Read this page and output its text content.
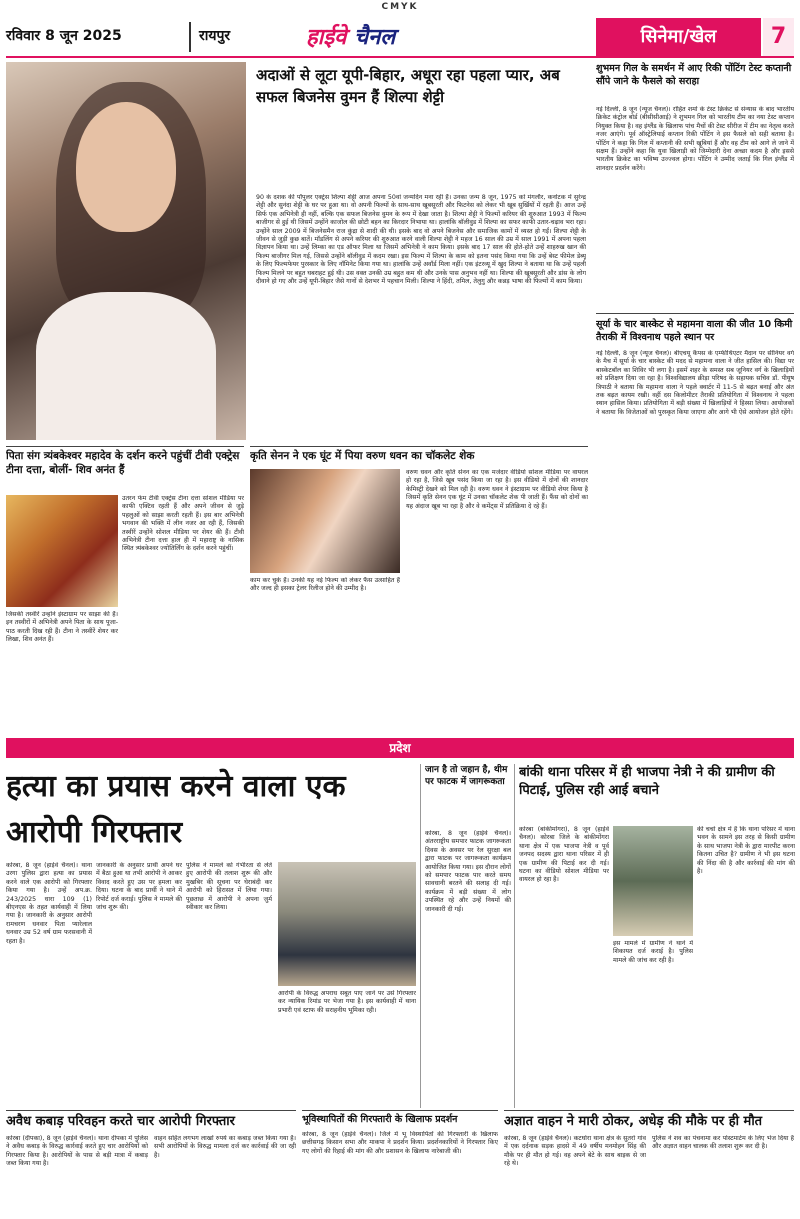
CMYK
रविवार 8 जून 2025	रायपुर	हाईवे चैनल	सिनेमा/खेल	7
अदाओं से लूटा यूपी-बिहार, अधूरा रहा पहला प्यार, अब सफल बिजनेस वुमन हैं शिल्पा शेट्टी
90 के दशक की पॉपुलर एक्ट्रेस शिल्पा शेट्टी आज अपना 50वां जन्मदिन मना रही हैं। उनका जन्म 8 जून, 1975 को मंगलौर, कर्नाटक में सुरेन्द्र शेट्टी और सुनंदा शेट्टी के घर पर हुआ था। वो अपनी फिल्मों के साथ-साथ खूबसूरती और फिटनेस को लेकर भी खूब सुर्खियों में रहती हैं। आज उन्हें सिर्फ एक अभिनेत्री ही नहीं, बल्कि एक सफल बिजनेस वुमन के रूप में देखा जाता है। शिल्पा शेट्टी ने फिल्मों करियर की शुरुआत 1993 में फिल्म बाजीगर से हुई थी जिसमें उन्होंने काजोल की छोटी बहन का किरदार निभाया था। हालांकि बॉलीवुड में शिल्पा का सफर काफी उतार-चढ़ाव भरा रहा। उन्होंने साल 2009 में बिजनेसमैन राज कुंद्रा से शादी की थी। इसके बाद वो अपने बिजनेस और समाजिक कामों में व्यस्त हो गईं। शिल्पा शेट्टी के जीवन से जुड़ी कुछ बातें। मॉडलिंग से अपने करियर की शुरुआत करने वाली शिल्पा शेट्टी ने महज 16 साल की उम्र में साल 1991 में अपना पहला विज्ञापन किया था। उन्हें लिम्का का एड ऑफर मिला था जिसमें अभिनेत्री ने काम किया। इसके बाद 17 साल की होते-होते उन्हें शाहरुख खान की फिल्म बाजीगर मिल गई, जिससे उन्होंने बॉलीवुड में कदम रखा। इस फिल्म में शिल्पा के काम को इतना पसंद किया गया कि उन्हें बेस्ट फीमेल डेब्यू के लिए फिल्मफेयर पुरस्कार के लिए नॉमिनेट किया गया था। हालांकि उन्हें अवॉर्ड मिला नहीं। एक इंटरव्यू में खुद शिल्पा ने बताया था कि उन्हें पहली फिल्म मिलने पर बहुत घबराहट हुई थी। उस वक्त उनकी उम्र बहुत कम थी और उनके पास अनुभव नहीं था। शिल्पा की खूबसूरती और डांस के लोग दीवाने हो गए और उन्हें यूपी-बिहार जैसे गानों से देशभर में पहचान मिली। शिल्पा ने हिंदी, तमिल, तेलुगु और कन्नड़ भाषा की फिल्मों में काम किया।
शुभमन गिल के समर्थन में आए रिकी पोंटिंग टेस्ट कप्तानी सौंपे जाने के फैसले को सराहा
नई दिल्ली, 8 जून (न्यूज चैनल)। रोहित शर्मा के टेस्ट क्रिकेट से संन्यास के बाद भारतीय क्रिकेट कंट्रोल बोर्ड (बीसीसीआई) ने शुभमन गिल को भारतीय टीम का नया टेस्ट कप्तान नियुक्त किया है। वह इंग्लैंड के खिलाफ पांच मैचों की टेस्ट सीरीज में टीम का नेतृत्व करते नजर आएंगे। पूर्व ऑस्ट्रेलियाई कप्तान रिकी पोंटिंग ने इस फैसले को सही बताया है। पोंटिंग ने कहा कि गिल में कप्तानी की सभी खूबियां हैं और वह टीम को आगे ले जाने में सक्षम हैं। उन्होंने कहा कि युवा खिलाड़ी को जिम्मेदारी देना अच्छा कदम है और इससे भारतीय क्रिकेट का भविष्य उज्ज्वल होगा। पोंटिंग ने उम्मीद जताई कि गिल इंग्लैंड में शानदार प्रदर्शन करेंगे।
सूर्या के चार बास्केट से महामना वाला की जीत 10 किमी तैराकी में विश्वनाथ पहले स्थान पर
नई दिल्ली, 8 जून (न्यूज चैनल)। बीएचयू कैंपस के एम्फीथिएटर मैदान पर सीनियर वर्ग के मैच में सूर्या के चार बास्केट की मदद से महामना वाला ने जीत हासिल की। विद्या पर बास्केटबॉल का शिविर भी लगा है। इसमें शहर के समस्त सब जूनियर वर्ग के खिलाड़ियों को प्रशिक्षण दिया जा रहा है। विश्वविद्यालय क्रीड़ा परिषद के सहायक सचिव डॉ. पीयूष त्रिपाठी ने बताया कि महामना वाला ने पहले क्वार्टर में 11-5 से बढ़त बनाई और अंत तक बढ़त कायम रखी। वहीं दस किलोमीटर तैराकी प्रतियोगिता में विश्वनाथ ने पहला स्थान हासिल किया। प्रतियोगिता में बड़ी संख्या में खिलाड़ियों ने हिस्सा लिया। आयोजकों ने बताया कि विजेताओं को पुरस्कृत किया जाएगा और आगे भी ऐसे आयोजन होते रहेंगे।
पिता संग त्र्यंबकेश्वर महादेव के दर्शन करने पहुंचीं टीवी एक्ट्रेस टीना दत्ता, बोलीं- शिव अनंत हैं
उतरन फेम टीवी एक्ट्रेस टीना दत्ता सोशल मीडिया पर काफी एक्टिव रहती हैं और अपने जीवन से जुड़े पहलुओं को साझा करती रहती हैं। इस बार अभिनेत्री भगवान की भक्ति में लीन नजर आ रही हैं, जिसकी तस्वीरें उन्होंने सोशल मीडिया पर शेयर की हैं। टीवी अभिनेत्री टीना दत्ता हाल ही में महाराष्ट्र के नासिक स्थित त्र्यंबकेश्वर ज्योतिर्लिंग के दर्शन करने पहुंचीं।
जिसकी तस्वीरें उन्होंने इंस्टाग्राम पर साझा की हैं। इन तस्वीरों में अभिनेत्री अपने पिता के साथ पूजा-पाठ करती दिख रही हैं। टीना ने तस्वीरें शेयर कर लिखा, शिव अनंत हैं।
कृति सेनन ने एक घूंट में पिया वरुण धवन का चॉकलेट शेक
वरुण धवन और कृति सेनन का एक मजेदार वीडियो सोशल मीडिया पर वायरल हो रहा है, जिसे खूब पसंद किया जा रहा है। इस वीडियो में दोनों की शानदार केमिस्ट्री देखने को मिल रही है। वरुण धवन ने इंस्टाग्राम पर वीडियो शेयर किया है जिसमें कृति सेनन एक घूंट में उनका चॉकलेट शेक पी जाती हैं। फैंस को दोनों का यह अंदाज खूब भा रहा है और वे कमेंट्स में प्रतिक्रिया दे रहे हैं।
काम कर चुके हैं। उनकी यह नई फिल्म को लेकर फैंस उत्साहित हैं और जल्द ही इसका ट्रेलर रिलीज होने की उम्मीद है।
प्रदेश
हत्या का प्रयास करने वाला एक आरोपी गिरफ्तार
कोरबा, 8 जून (हाईवे चैनल)। थाना उरगा पुलिस द्वारा हत्या का प्रयास करने वाले एक आरोपी को गिरफ्तार किया गया है। उन्हें अप.क्र. 243/2025 धारा 109 (1) बीएनएस के तहत कार्यवाही में लिया गया है। जानकारी के अनुसार आरोपी रामचरण धनवार पिता प्यारेलाल धनवार उम्र 52 वर्ष ग्राम फरसवानी में रहता है।
जानकारी के अनुसार प्रार्थी अपने घर में बैठा हुआ था तभी आरोपी ने आकर विवाद करते हुए उस पर हमला कर दिया। घटना के बाद प्रार्थी ने थाने में रिपोर्ट दर्ज कराई। पुलिस ने मामले की जांच शुरू की।
पुलिस ने मामले को गंभीरता से लेते हुए आरोपी की तलाश शुरू की और मुखबिर की सूचना पर घेराबंदी कर आरोपी को हिरासत में लिया गया। पूछताछ में आरोपी ने अपना जुर्म स्वीकार कर लिया।
आरोपी के विरुद्ध अपराध सबूत पाए जाने पर उसे गिरफ्तार कर न्यायिक रिमांड पर भेजा गया है। इस कार्यवाही में थाना प्रभारी एवं स्टाफ की सराहनीय भूमिका रही।
जान है तो जहान है, थीम पर फाटक में जागरूकता
कोरबा, 8 जून (हाईवे चैनल)। अंतरराष्ट्रीय समपार फाटक जागरूकता दिवस के अवसर पर रेल सुरक्षा बल द्वारा फाटक पर जागरूकता कार्यक्रम आयोजित किया गया। इस दौरान लोगों को समपार फाटक पार करते समय सावधानी बरतने की सलाह दी गई। कार्यक्रम में बड़ी संख्या में लोग उपस्थित रहे और उन्हें नियमों की जानकारी दी गई।
बांकी थाना परिसर में ही भाजपा नेत्री ने की ग्रामीण की पिटाई, पुलिस रही आई बचाने
कोरबा (बांकीमोंगरा), 8 जून (हाईवे चैनल)। कोरबा जिले के बांकीमोंगरा थाना क्षेत्र में एक भाजपा नेत्री व पूर्व जनपद सदस्य द्वारा थाना परिसर में ही एक ग्रामीण की पिटाई कर दी गई। घटना का वीडियो सोशल मीडिया पर वायरल हो रहा है।
इस मामले में ग्रामीण ने थाने में शिकायत दर्ज कराई है। पुलिस मामले की जांच कर रही है।
की चर्चा क्षेत्र में है कि थाना परिसर में थाना भवन के सामने इस तरह से किसी ग्रामीण के साथ भाजपा नेत्री के द्वारा मारपीट करना कितना उचित है? ग्रामीण ने भी इस घटना की निंदा की है और कार्रवाई की मांग की है।
अवैध कबाड़ परिवहन करते चार आरोपी गिरफ्तार
कोरबा (दीपका), 8 जून (हाईवे चैनल)। थाना दीपका में पुलिस ने अवैध कबाड़ के विरुद्ध कार्रवाई करते हुए चार आरोपियों को गिरफ्तार किया है। आरोपियों के पास से बड़ी मात्रा में कबाड़ जब्त किया गया है।
वाहन सहित लगभग लाखों रुपये का कबाड़ जब्त किया गया है। सभी आरोपियों के विरुद्ध मामला दर्ज कर कार्रवाई की जा रही है।
भूविस्थापितों की गिरफ्तारी के खिलाफ प्रदर्शन
कोरबा, 8 जून (हाईवे चैनल)। जिले में भू विस्थापितों की गिरफ्तारी के खिलाफ छत्तीसगढ़ किसान सभा और माकपा ने प्रदर्शन किया। प्रदर्शनकारियों ने गिरफ्तार किए गए लोगों की रिहाई की मांग की और प्रशासन के खिलाफ नारेबाजी की।
अज्ञात वाहन ने मारी ठोकर, अधेड़ की मौके पर ही मौत
कोरबा, 8 जून (हाईवे चैनल)। कटघोरा थाना क्षेत्र के सुतर्रा गांव में एक दर्दनाक सड़क हादसे में 49 वर्षीय मनमोहन सिंह की मौके पर ही मौत हो गई। वह अपने बेटे के साथ बाइक से जा रहे थे।
पुलिस ने शव का पंचनामा कर पोस्टमार्टम के लिए भेज दिया है और अज्ञात वाहन चालक की तलाश शुरू कर दी है।
